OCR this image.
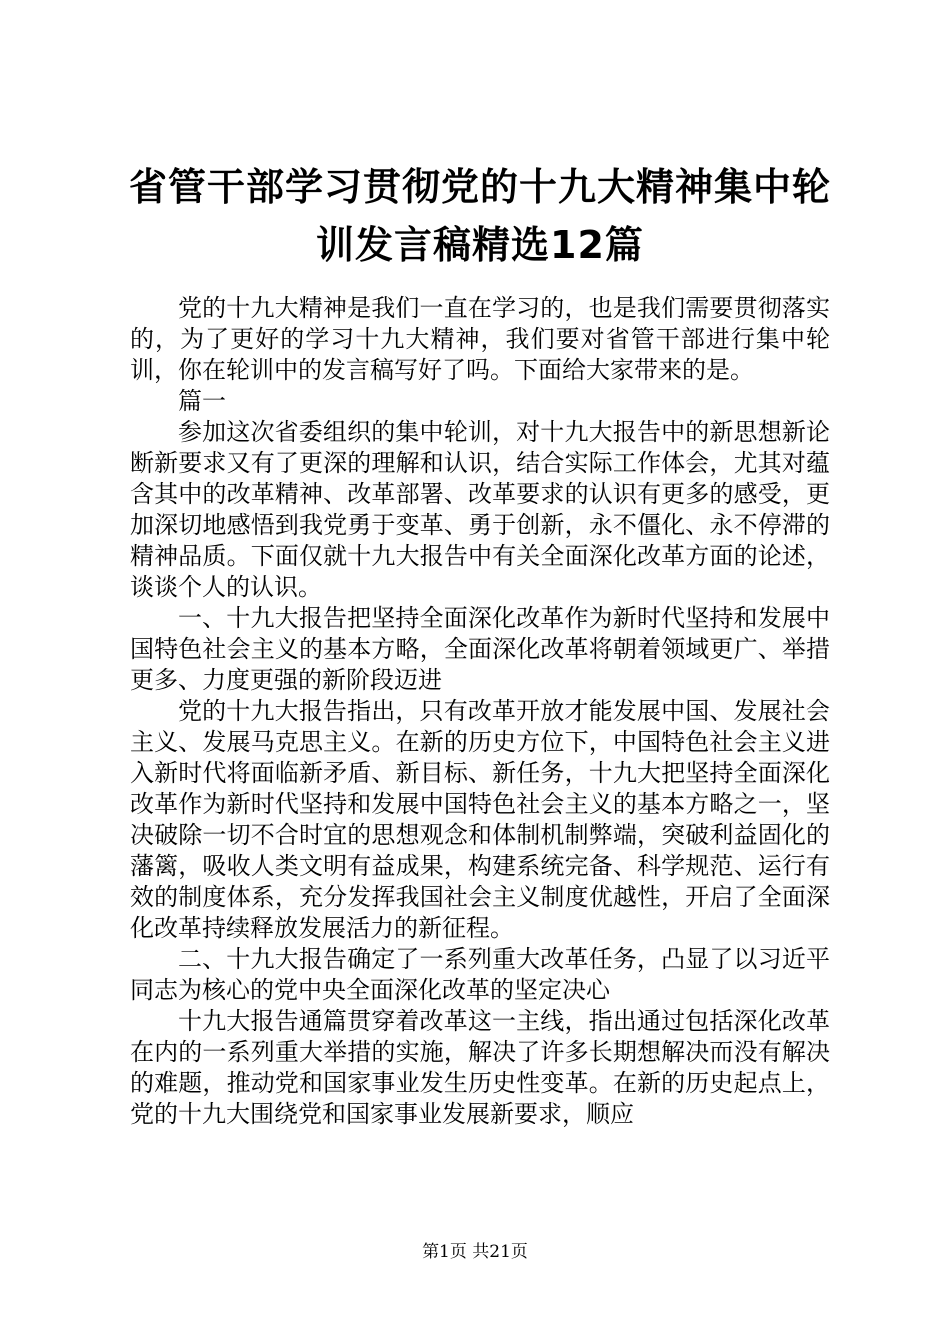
省管干部学习贯彻党的十九大精神集中轮训发言稿精选12篇

党的十九大精神是我们一直在学习的，也是我们需要贯彻落实的，为了更好的学习十九大精神，我们要对省管干部进行集中轮训，你在轮训中的发言稿写好了吗。下面给大家带来的是。

篇一

参加这次省委组织的集中轮训，对十九大报告中的新思想新论断新要求又有了更深的理解和认识，结合实际工作体会，尤其对蕴含其中的改革精神、改革部署、改革要求的认识有更多的感受，更加深切地感悟到我党勇于变革、勇于创新，永不僵化、永不停滞的精神品质。下面仅就十九大报告中有关全面深化改革方面的论述，谈谈个人的认识。

一、十九大报告把坚持全面深化改革作为新时代坚持和发展中国特色社会主义的基本方略，全面深化改革将朝着领域更广、举措更多、力度更强的新阶段迈进

党的十九大报告指出，只有改革开放才能发展中国、发展社会主义、发展马克思主义。在新的历史方位下，中国特色社会主义进入新时代将面临新矛盾、新目标、新任务，十九大把坚持全面深化改革作为新时代坚持和发展中国特色社会主义的基本方略之一，坚决破除一切不合时宜的思想观念和体制机制弊端，突破利益固化的藩篱，吸收人类文明有益成果，构建系统完备、科学规范、运行有效的制度体系，充分发挥我国社会主义制度优越性，开启了全面深化改革持续释放发展活力的新征程。

二、十九大报告确定了一系列重大改革任务，凸显了以习近平同志为核心的党中央全面深化改革的坚定决心

十九大报告通篇贯穿着改革这一主线，指出通过包括深化改革在内的一系列重大举措的实施，解决了许多长期想解决而没有解决的难题，推动党和国家事业发生历史性变革。在新的历史起点上，党的十九大围绕党和国家事业发展新要求，顺应

第1页 共21页
